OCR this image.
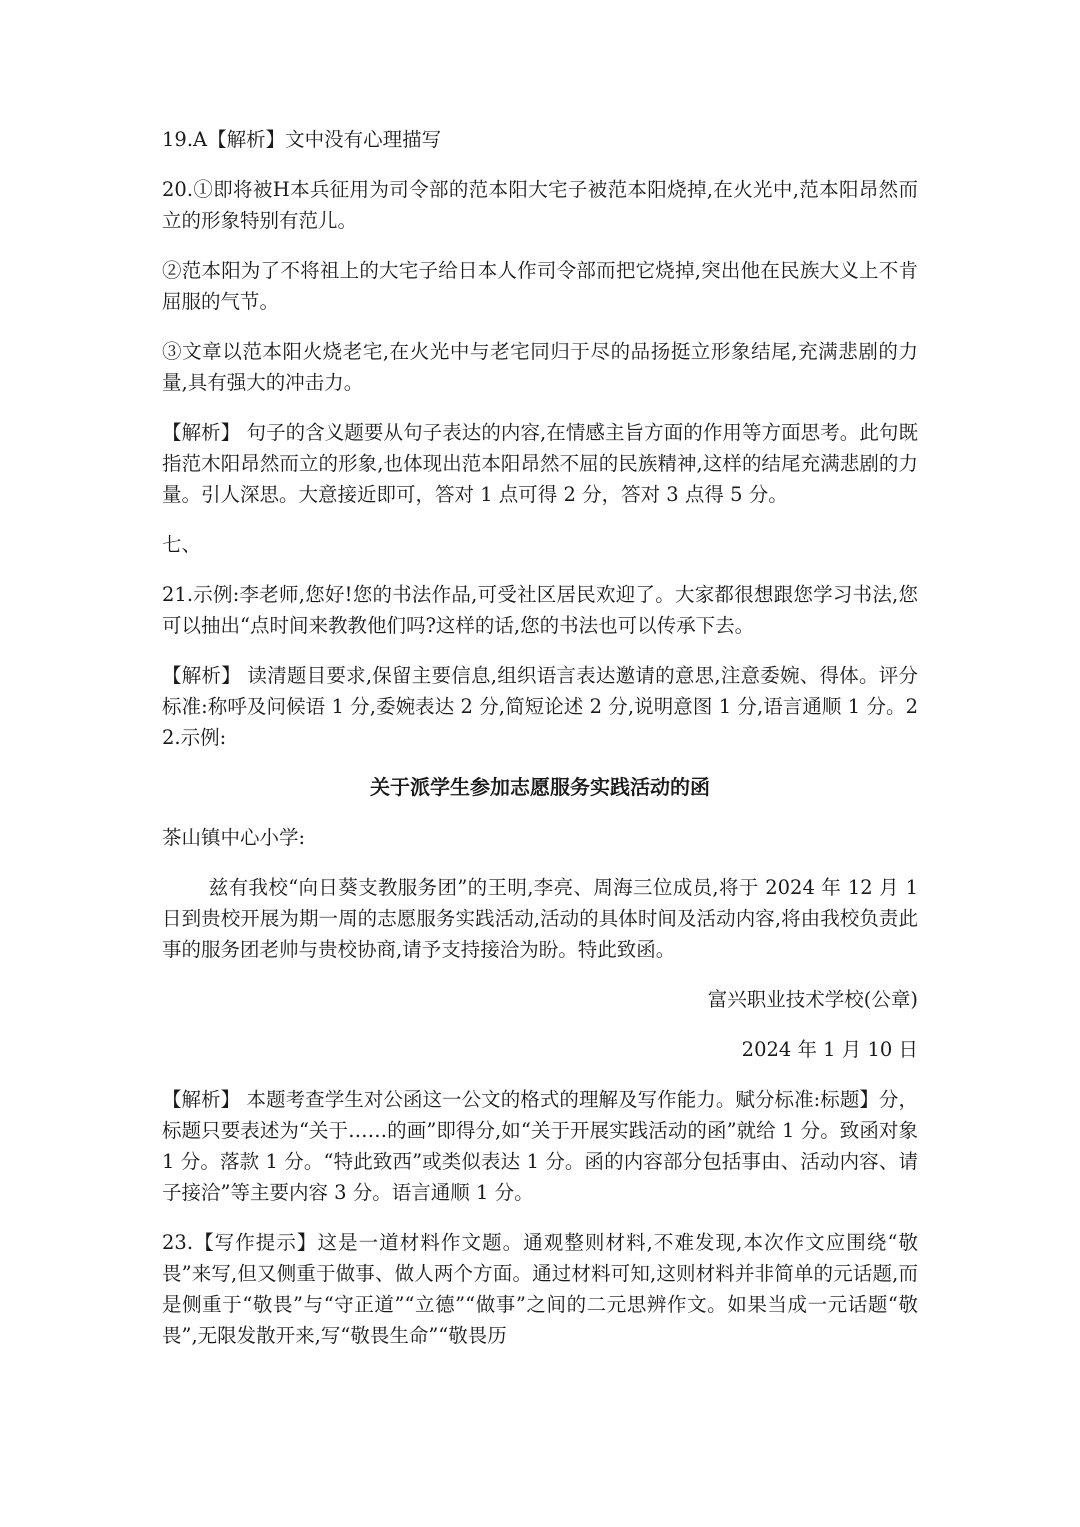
19.A【解析】文中没有心理描写

20.①即将被H本兵征用为司令部的范本阳大宅子被范本阳烧掉,在火光中,范本阳昂然而立的形象特别有范儿。

②范本阳为了不将祖上的大宅子给日本人作司令部而把它烧掉,突出他在民族大义上不肯屈服的气节。

③文章以范本阳火烧老宅,在火光中与老宅同归于尽的品扬挺立形象结尾,充满悲剧的力量,具有强大的冲击力。

【解析】 句子的含义题要从句子表达的内容,在情感主旨方面的作用等方面思考。此句既指范木阳昂然而立的形象,也体现出范本阳昂然不屈的民族精神,这样的结尾充满悲剧的力量。引人深思。大意接近即可，答对 1 点可得 2 分，答对 3 点得 5 分。

七、

21.示例:李老师,您好!您的书法作品,可受社区居民欢迎了。大家都很想跟您学习书法,您可以抽出“点时间来教教他们吗?这样的话,您的书法也可以传承下去。

【解析】 读清题目要求,保留主要信息,组织语言表达邀请的意思,注意委婉、得体。评分标准:称呼及问候语 1 分,委婉表达 2 分,简短论述 2 分,说明意图 1 分,语言通顺 1 分。22.示例:

关于派学生参加志愿服务实践活动的函

茶山镇中心小学:

兹有我校“向日葵支教服务团”的王明,李亮、周海三位成员,将于 2024 年 12 月 1 日到贵校开展为期一周的志愿服务实践活动,活动的具体时间及活动内容,将由我校负责此事的服务团老帅与贵校协商,请予支持接洽为盼。特此致函。

富兴职业技术学校(公章)

2024 年 1 月 10 日

【解析】 本题考查学生对公函这一公文的格式的理解及写作能力。赋分标准:标题】分，标题只要表述为“关于……的画”即得分,如“关于开展实践活动的函”就给 1 分。致函对象 1 分。落款 1 分。“特此致西”或类似表达 1 分。函的内容部分包括事由、活动内容、请子接洽”等主要内容 3 分。语言通顺 1 分。

23.【写作提示】这是一道材料作文题。通观整则材料,不难发现,本次作文应围绕“敬畏”来写,但又侧重于做事、做人两个方面。通过材料可知,这则材料并非简单的元话题,而是侧重于“敬畏”与“守正道”“立德”“做事”之间的二元思辨作文。如果当成一元话题“敬畏”,无限发散开来,写“敬畏生命”“敬畏历
